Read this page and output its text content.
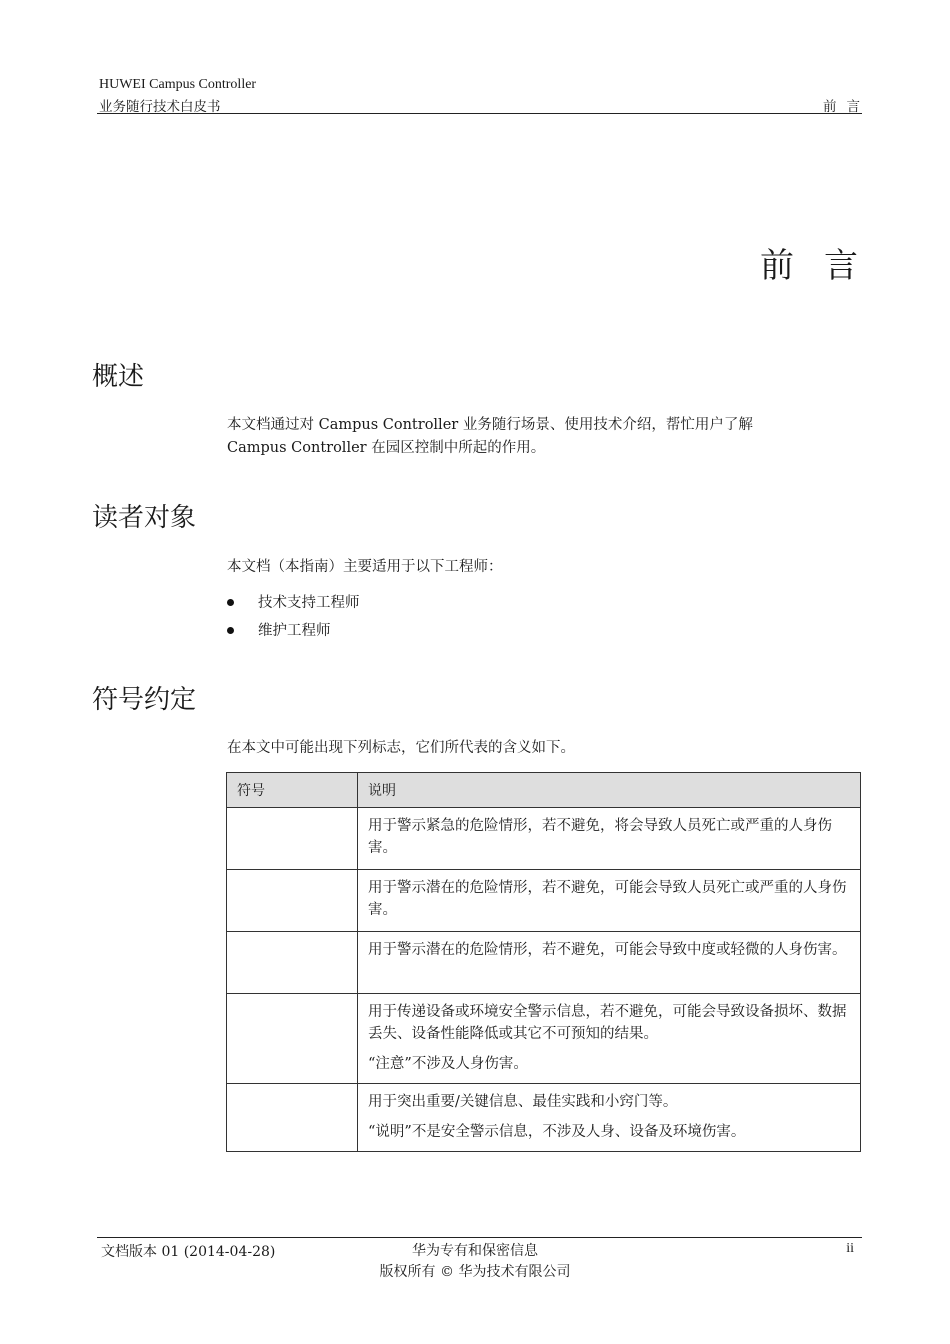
HUWEI Campus Controller
业务随行技术白皮书	前言
前言
概述
本文档通过对 Campus Controller 业务随行场景、使用技术介绍，帮忙用户了解
Campus Controller 在园区控制中所起的作用。
读者对象
本文档（本指南）主要适用于以下工程师：
技术支持工程师
维护工程师
符号约定
在本文中可能出现下列标志，它们所代表的含义如下。
符号	说明

	用于警示紧急的危险情形，若不避免，将会导致人员死亡或严重的人身伤害。

	用于警示潜在的危险情形，若不避免，可能会导致人员死亡或严重的人身伤害。

	用于警示潜在的危险情形，若不避免，可能会导致中度或轻微的人身伤害。

	用于传递设备或环境安全警示信息，若不避免，可能会导致设备损坏、数据丢失、设备性能降低或其它不可预知的结果。

“注意”不涉及人身伤害。

	用于突出重要/关键信息、最佳实践和小窍门等。

“说明”不是安全警示信息，不涉及人身、设备及环境伤害。

文档版本 01 (2014-04-28)	华为专有和保密信息
版权所有 © 华为技术有限公司
ii
